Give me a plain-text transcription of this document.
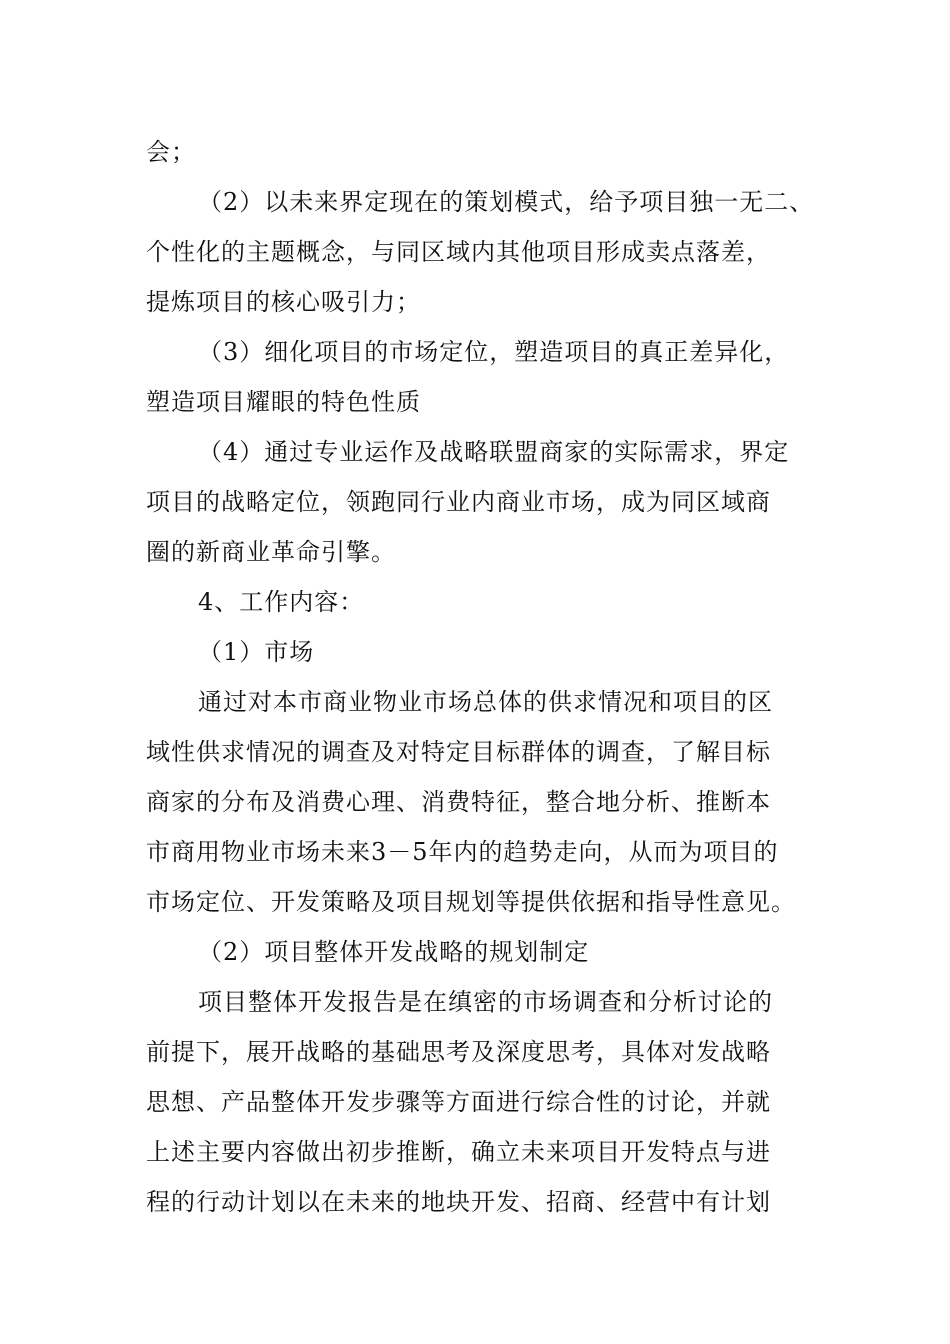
会；
（2）以未来界定现在的策划模式，给予项目独一无二、
个性化的主题概念，与同区域内其他项目形成卖点落差，
提炼项目的核心吸引力；
（3）细化项目的市场定位，塑造项目的真正差异化，
塑造项目耀眼的特色性质
（4）通过专业运作及战略联盟商家的实际需求，界定
项目的战略定位，领跑同行业内商业市场，成为同区域商
圈的新商业革命引擎。
4、工作内容：
（1）市场
通过对本市商业物业市场总体的供求情况和项目的区
域性供求情况的调查及对特定目标群体的调查，了解目标
商家的分布及消费心理、消费特征，整合地分析、推断本
市商用物业市场未来3－5年内的趋势走向，从而为项目的
市场定位、开发策略及项目规划等提供依据和指导性意见。
（2）项目整体开发战略的规划制定
项目整体开发报告是在缜密的市场调查和分析讨论的
前提下，展开战略的基础思考及深度思考，具体对发战略
思想、产品整体开发步骤等方面进行综合性的讨论，并就
上述主要内容做出初步推断，确立未来项目开发特点与进
程的行动计划以在未来的地块开发、招商、经营中有计划
